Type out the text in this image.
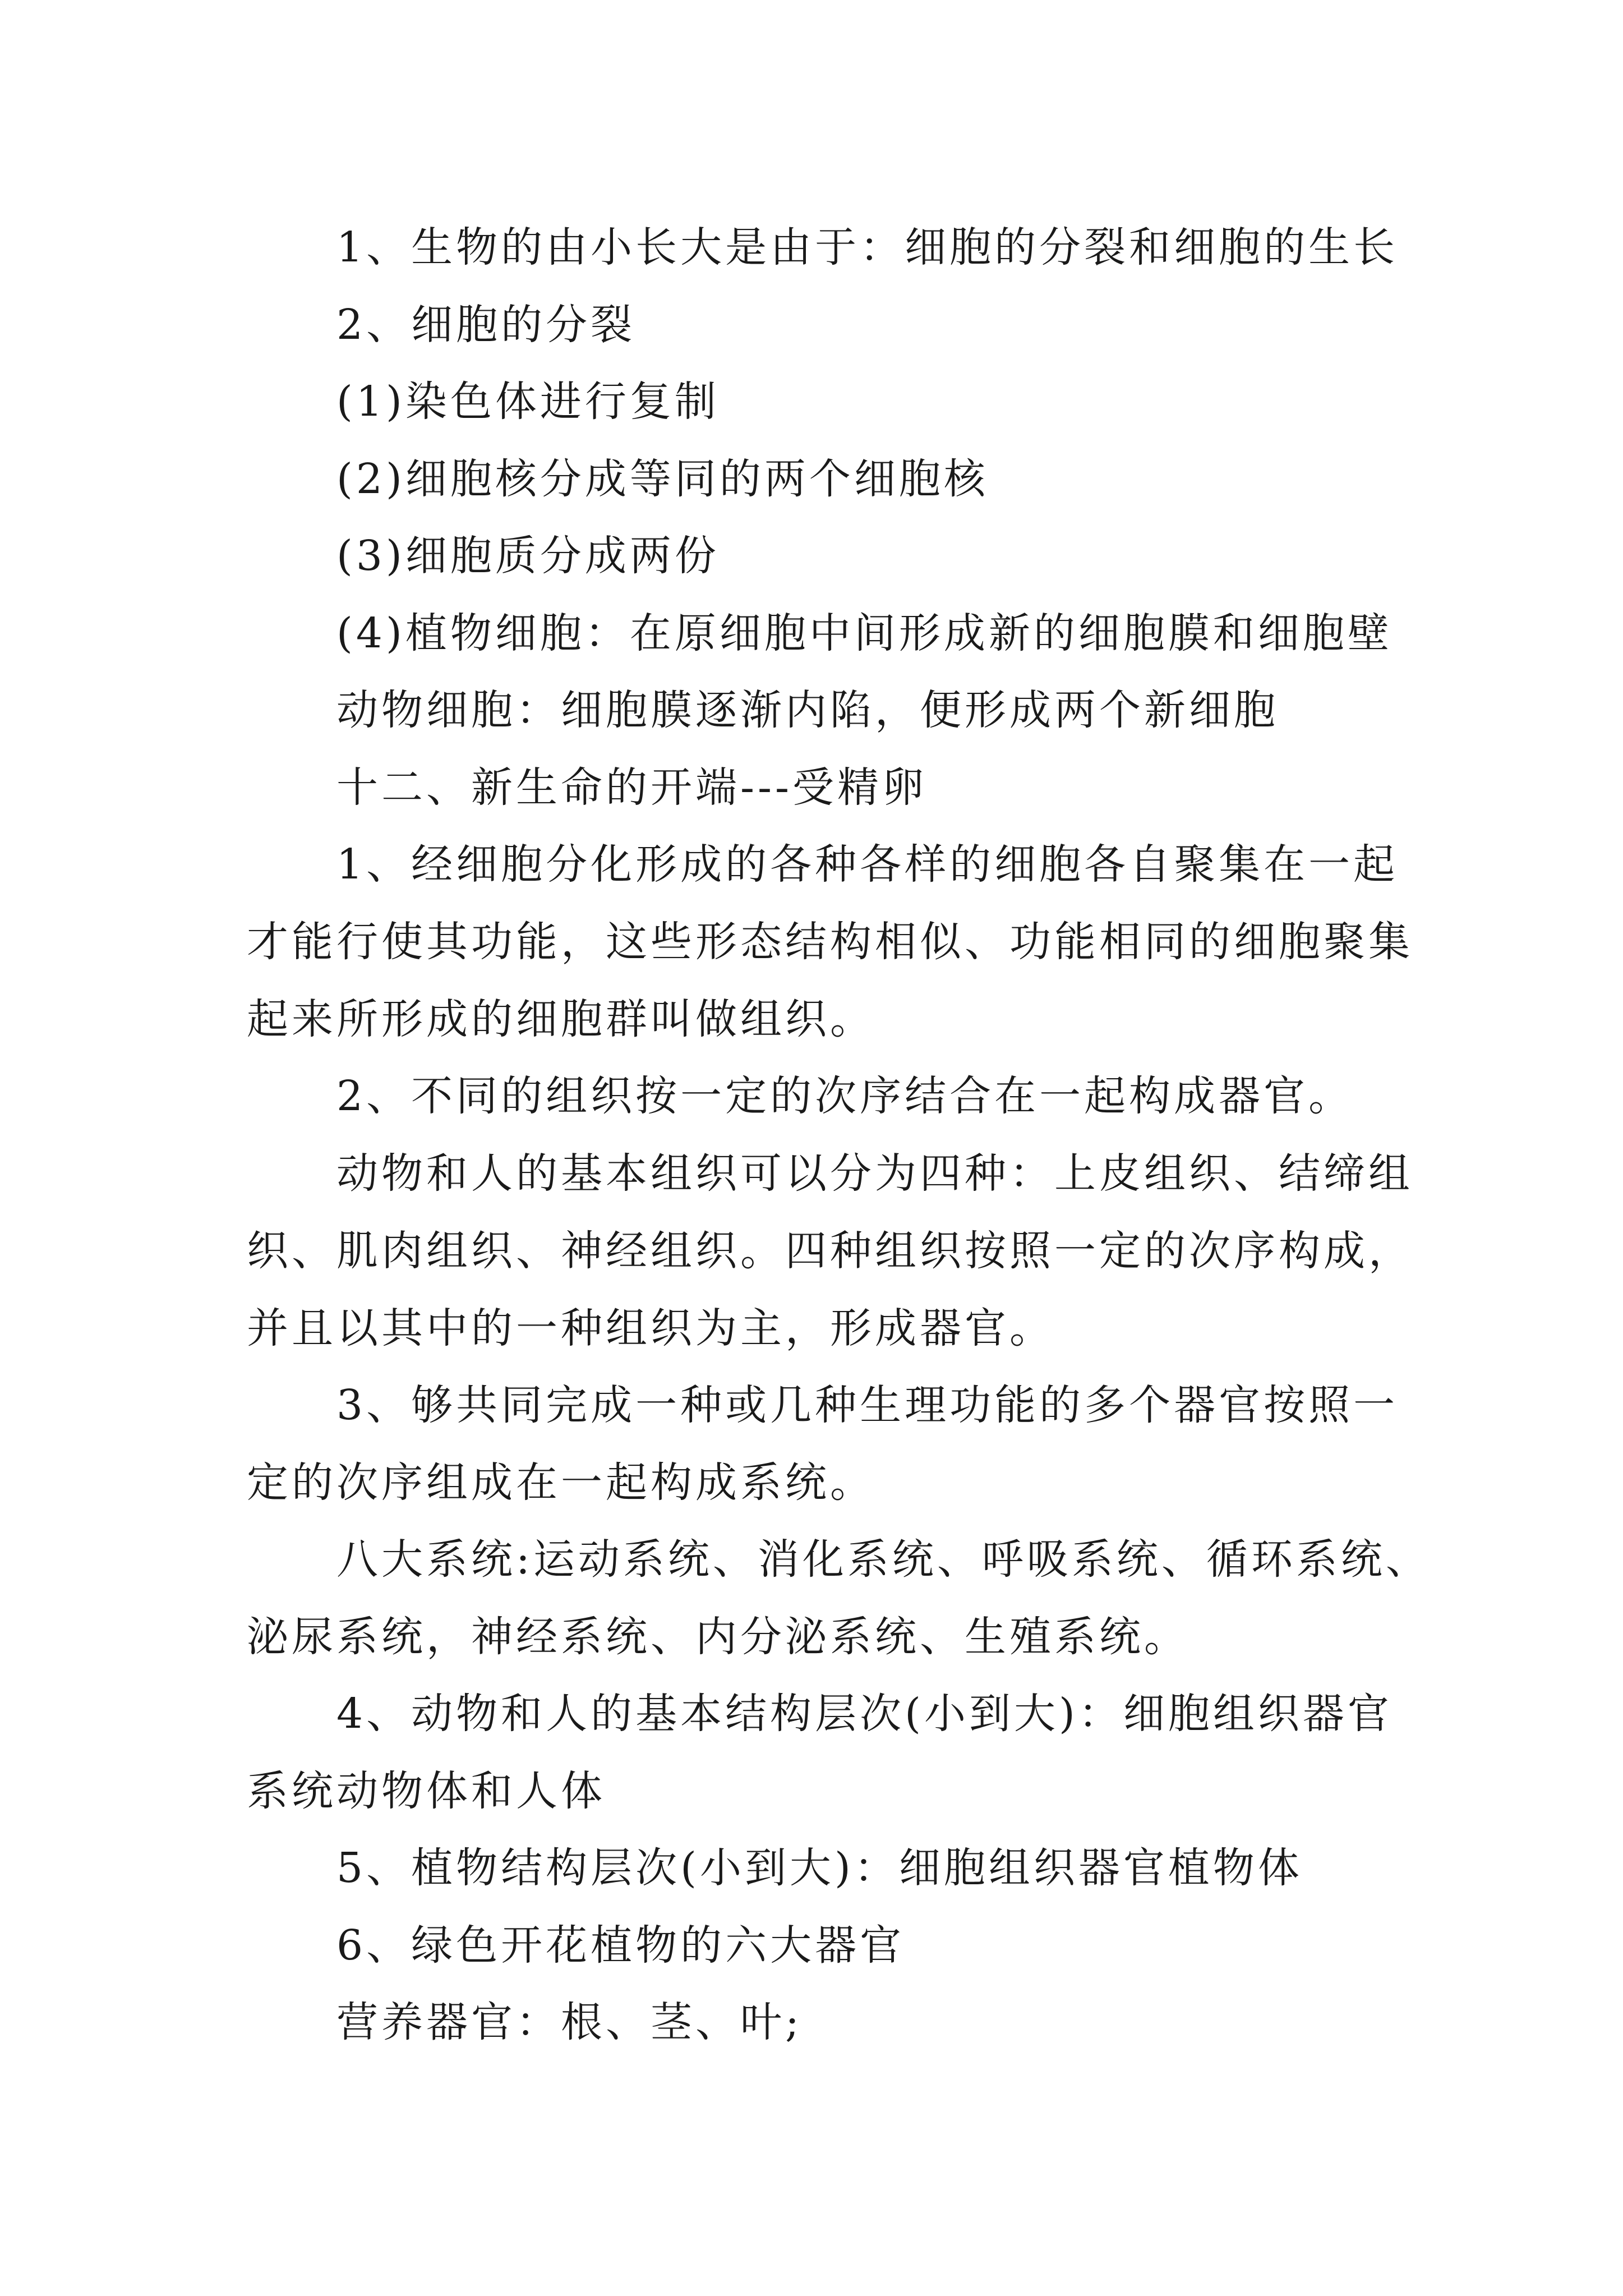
1、生物的由小长大是由于：细胞的分裂和细胞的生长

2、细胞的分裂

(1)染色体进行复制

(2)细胞核分成等同的两个细胞核

(3)细胞质分成两份

(4)植物细胞：在原细胞中间形成新的细胞膜和细胞壁

动物细胞：细胞膜逐渐内陷，便形成两个新细胞

十二、新生命的开端---受精卵

1、经细胞分化形成的各种各样的细胞各自聚集在一起
才能行使其功能，这些形态结构相似、功能相同的细胞聚集
起来所形成的细胞群叫做组织。

2、不同的组织按一定的次序结合在一起构成器官。

动物和人的基本组织可以分为四种：上皮组织、结缔组
织、肌肉组织、神经组织。四种组织按照一定的次序构成，
并且以其中的一种组织为主，形成器官。

3、够共同完成一种或几种生理功能的多个器官按照一
定的次序组成在一起构成系统。

八大系统:运动系统、消化系统、呼吸系统、循环系统、
泌尿系统，神经系统、内分泌系统、生殖系统。

4、动物和人的基本结构层次(小到大)：细胞组织器官
系统动物体和人体

5、植物结构层次(小到大)：细胞组织器官植物体

6、绿色开花植物的六大器官

营养器官：根、茎、叶;
